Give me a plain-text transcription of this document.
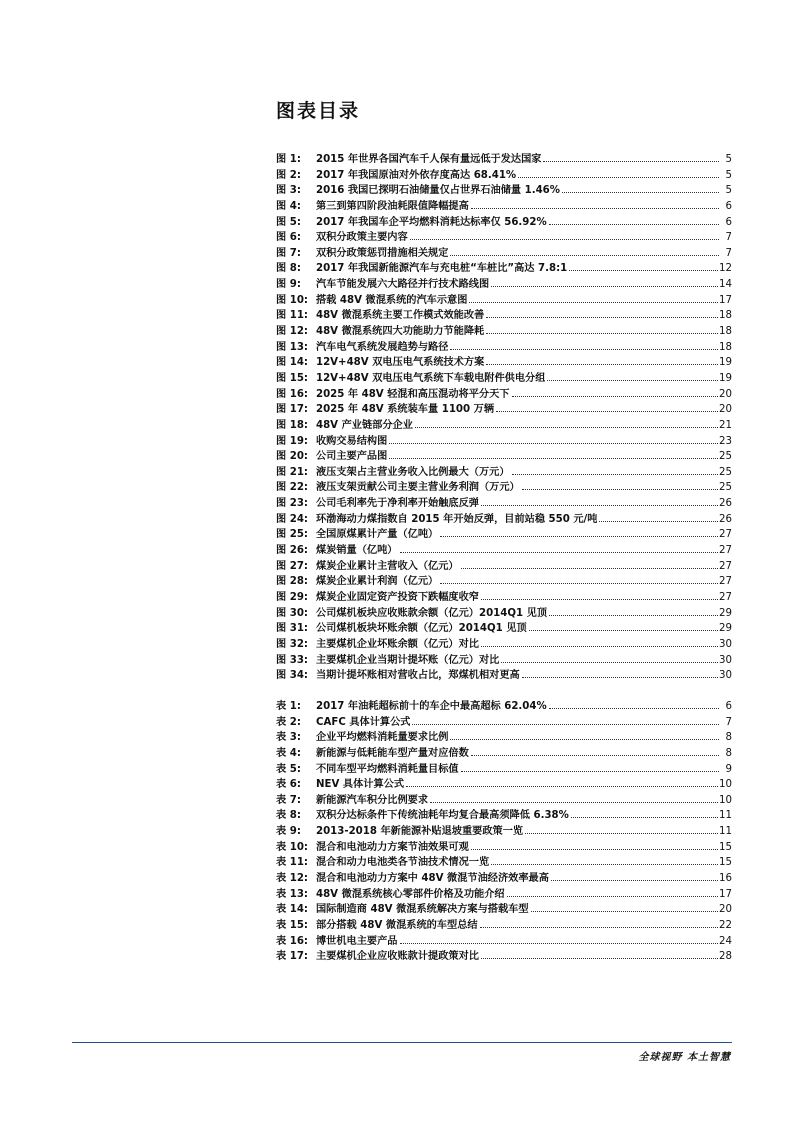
图表目录
图 1:	2015 年世界各国汽车千人保有量远低于发达国家	5
图 2:	2017 年我国原油对外依存度高达 68.41%	5
图 3:	2016 我国已探明石油储量仅占世界石油储量 1.46%	5
图 4:	第三到第四阶段油耗限值降幅提高	6
图 5:	2017 年我国车企平均燃料消耗达标率仅 56.92%	6
图 6:	双积分政策主要内容	7
图 7:	双积分政策惩罚措施相关规定	7
图 8:	2017 年我国新能源汽车与充电桩“车桩比”高达 7.8:1	12
图 9:	汽车节能发展六大路径并行技术路线图	14
图 10: 搭载 48V 微混系统的汽车示意图	17
图 11: 48V 微混系统主要工作模式效能改善	18
图 12: 48V 微混系统四大功能助力节能降耗	18
图 13: 汽车电气系统发展趋势与路径	18
图 14: 12V+48V 双电压电气系统技术方案	19
图 15: 12V+48V 双电压电气系统下车载电附件供电分组	19
图 16: 2025 年 48V 轻混和高压混动将平分天下	20
图 17: 2025 年 48V 系统装车量 1100 万辆	20
图 18: 48V 产业链部分企业	21
图 19: 收购交易结构图	23
图 20: 公司主要产品图	25
图 21: 液压支架占主营业务收入比例最大（万元）	25
图 22: 液压支架贡献公司主要主营业务利润（万元）	25
图 23: 公司毛利率先于净利率开始触底反弹	26
图 24: 环渤海动力煤指数自 2015 年开始反弹，目前站稳 550 元/吨	26
图 25: 全国原煤累计产量（亿吨）	27
图 26: 煤炭销量（亿吨）	27
图 27: 煤炭企业累计主营收入（亿元）	27
图 28: 煤炭企业累计利润（亿元）	27
图 29: 煤炭企业固定资产投资下跌幅度收窄	27
图 30: 公司煤机板块应收账款余额（亿元）2014Q1 见顶	29
图 31: 公司煤机板块坏账余额（亿元）2014Q1 见顶	29
图 32: 主要煤机企业坏账余额（亿元）对比	30
图 33: 主要煤机企业当期计提坏账（亿元）对比	30
图 34: 当期计提坏账相对营收占比，郑煤机相对更高	30
表 1:	2017 年油耗超标前十的车企中最高超标 62.04%	6
表 2:	CAFC 具体计算公式	7
表 3:	企业平均燃料消耗量要求比例	8
表 4:	新能源与低耗能车型产量对应倍数	8
表 5:	不同车型平均燃料消耗量目标值	9
表 6:	NEV 具体计算公式	10
表 7:	新能源汽车积分比例要求	10
表 8:	双积分达标条件下传统油耗年均复合最高须降低 6.38%	11
表 9:	2013-2018 年新能源补贴退坡重要政策一览	11
表 10: 混合和电池动力方案节油效果可观	15
表 11: 混合和动力电池类各节油技术情况一览	15
表 12: 混合和电池动力方案中 48V 微混节油经济效率最高	16
表 13: 48V 微混系统核心零部件价格及功能介绍	17
表 14: 国际制造商 48V 微混系统解决方案与搭载车型	20
表 15: 部分搭载 48V 微混系统的车型总结	22
表 16: 博世机电主要产品	24
表 17: 主要煤机企业应收账款计提政策对比	28
全球视野 本土智慧
